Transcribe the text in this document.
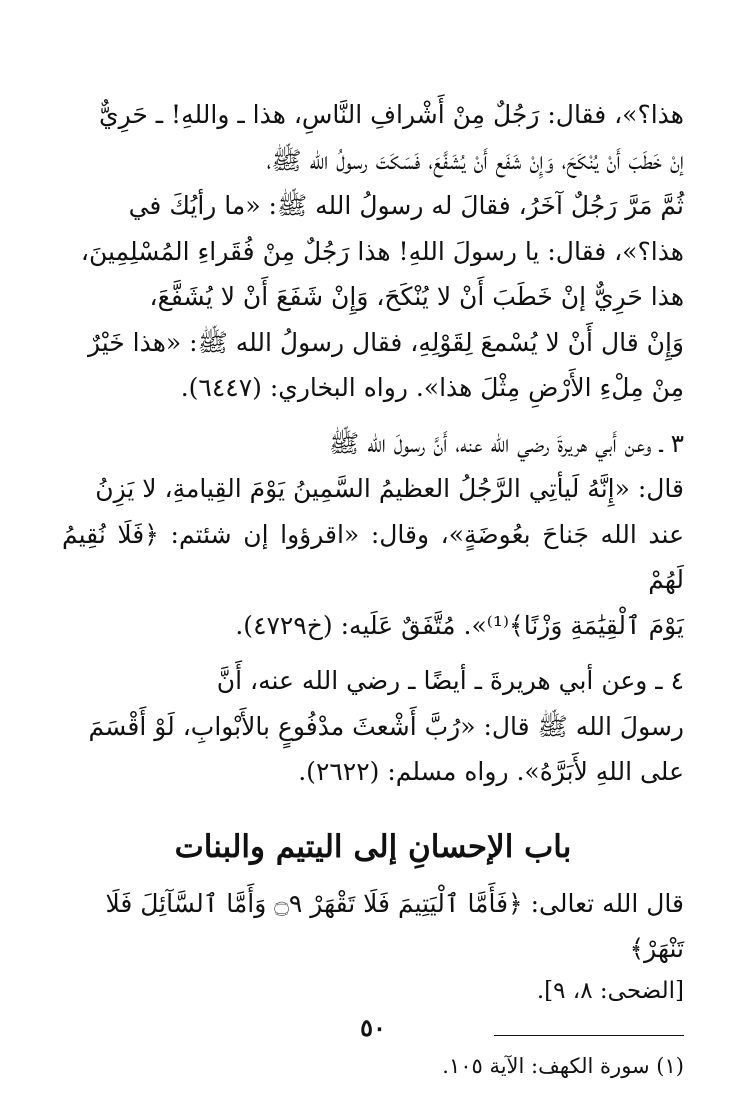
هذا؟»، فقال: رَجُلٌ مِنْ أَشْرافِ النَّاسِ، هذا ـ واللهِ! ـ حَرِيٌّ
إنْ خَطَبَ أَنْ يُنْكَحَ، وَإِنْ شَفَع أَنْ يُشَفَّعَ، فَسَكَتَ رسولُ الله ﷺ،
ثُمَّ مَرَّ رَجُلٌ آخَرُ، فقالَ له رسولُ الله ﷺ: «ما رأيُكَ في
هذا؟»، فقال: يا رسولَ اللهِ! هذا رَجُلٌ مِنْ فُقَراءِ المُسْلِمِينَ،
هذا حَرِيٌّ إنْ خَطَبَ أَنْ لا يُنْكَحَ، وَإِنْ شَفَعَ أَنْ لا يُشَفَّعَ،
وَإِنْ قال أَنْ لا يُسْمعَ لِقَوْلِهِ، فقال رسولُ الله ﷺ: «هذا خَيْرٌ
مِنْ مِلْءِ الأَرْضِ مِثْلَ هذا». رواه البخاري: (٦٤٤٧).
٣ ـ وعن أَبي هريرةَ رضي الله عنه، أَنَّ رسولَ الله ﷺ
قال: «إِنَّهُ لَيأتِي الرَّجُلُ العظيمُ السَّمِينُ يَوْمَ القِيامةِ، لا يَزِنُ
عند الله جَناحَ بعُوضَةٍ»، وقال: «اقرؤوا إن شئتم: ﴿فَلَا نُقِيمُ لَهُمْ
يَوْمَ ٱلْقِيَٰمَةِ وَزْنًا﴾⁽¹⁾». مُتَّفَقٌ عَلَيه: (خ٤٧٢٩).
٤ ـ وعن أبي هريرةَ ـ أيضًا ـ رضي الله عنه، أَنَّ
رسولَ الله ﷺ قال: «رُبَّ أَشْعثَ مدْفُوعٍ بالأَبْوابِ، لَوْ أَقْسَمَ
على اللهِ لأَبَرَّهُ». رواه مسلم: (٢٦٢٢).
باب الإحسانِ إلى اليتيم والبنات
قال الله تعالى: ﴿فَأَمَّا ٱلْيَتِيمَ فَلَا تَقْهَرْ ۝٩ وَأَمَّا ٱلسَّآئِلَ فَلَا تَنْهَرْ﴾
[الضحى: ٨، ٩].
(١) سورة الكهف: الآية ١٠٥.
٥٠
